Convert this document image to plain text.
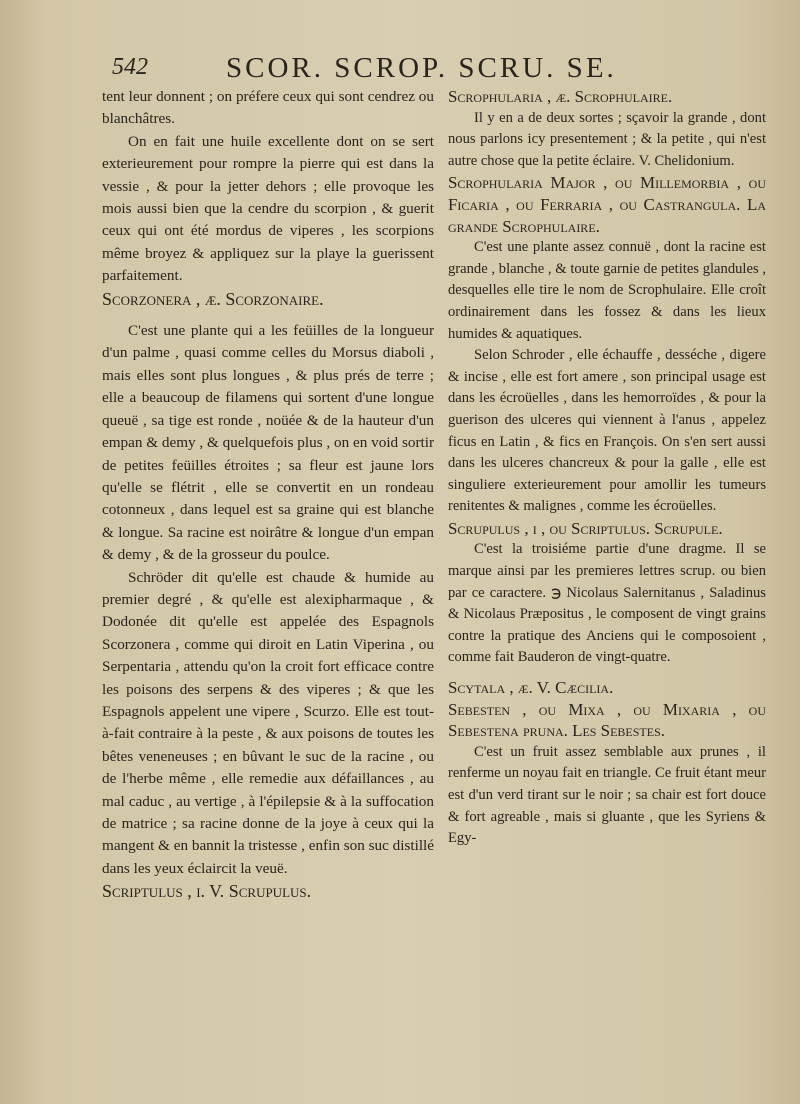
542	SCOR. SCROP. SCRU. SE.

tent leur donnent ; on préfere ceux qui sont cendrez ou blanchâtres.

On en fait une huile excellente dont on se sert exterieurement pour rompre la pierre qui est dans la vessie , & pour la jetter dehors ; elle provoque les mois aussi bien que la cendre du scorpion , & guerit ceux qui ont été mordus de viperes , les scorpions même broyez & appliquez sur la playe la guerissent parfaitement.

Scorzonera , æ. Scorzonaire.

C'est une plante qui a les feüilles de la longueur d'un palme , quasi comme celles du Morsus diaboli , mais elles sont plus longues , & plus prés de terre ; elle a beaucoup de filamens qui sortent d'une longue queuë , sa tige est ronde , noüée & de la hauteur d'un empan & demy , & quelquefois plus , on en void sortir de petites feüilles étroites ; sa fleur est jaune lors qu'elle se flétrit , elle se convertit en un rondeau cotonneux , dans lequel est sa graine qui est blanche & longue. Sa racine est noirâtre & longue d'un empan & demy , & de la grosseur du poulce.

Schröder dit qu'elle est chaude & humide au premier degré , & qu'elle est alexipharmaque , & Dodonée dit qu'elle est appelée des Espagnols Scorzonera , comme qui diroit en Latin Viperina , ou Serpentaria , attendu qu'on la croit fort efficace contre les poisons des serpens & des viperes ; & que les Espagnols appelent une vipere , Scurzo. Elle est tout-à-fait contraire à la peste , & aux poisons de toutes les bêtes veneneuses ; en bûvant le suc de la racine , ou de l'herbe même , elle remedie aux défaillances , au mal caduc , au vertige , à l'épilepsie & à la suffocation de matrice ; sa racine donne de la joye à ceux qui la mangent & en bannit la tristesse , enfin son suc distillé dans les yeux éclaircit la veuë.

Scriptulus , i. V. Scrupulus.

Scrophularia , æ. Scrophulaire.

Il y en a de deux sortes ; sçavoir la grande , dont nous parlons icy presentement ; & la petite , qui n'est autre chose que la petite éclaire. V. Chelidonium.

Scrophularia Major , ou Millemorbia , ou Ficaria , ou Ferraria , ou Castrangula. La grande Scrophulaire.

C'est une plante assez connuë , dont la racine est grande , blanche , & toute garnie de petites glandules , desquelles elle tire le nom de Scrophulaire. Elle croît ordinairement dans les fossez & dans les lieux humides & aquatiques.

Selon Schroder , elle échauffe , desséche , digere & incise , elle est fort amere , son principal usage est dans les écroüelles , dans les hemorroïdes , & pour la guerison des ulceres qui viennent à l'anus , appelez ficus en Latin , & fics en François. On s'en sert aussi dans les ulceres chancreux & pour la galle , elle est singuliere exterieurement pour amollir les tumeurs renitentes & malignes , comme les écroüelles.

Scrupulus , i , ou Scriptulus. Scrupule.

C'est la troisiéme partie d'une dragme. Il se marque ainsi par les premieres lettres scrup. ou bien par ce caractere. ℈ Nicolaus Salernitanus , Saladinus & Nicolaus Præpositus , le composent de vingt grains contre la pratique des Anciens qui le composoient , comme fait Bauderon de vingt-quatre.

Scytala , æ. V. Cæcilia.

Sebesten , ou Mixa , ou Mixaria , ou Sebestena pruna. Les Sebestes.

C'est un fruit assez semblable aux prunes , il renferme un noyau fait en triangle. Ce fruit étant meur est d'un verd tirant sur le noir ; sa chair est fort douce & fort agreable , mais si gluante , que les Syriens & Egy-
